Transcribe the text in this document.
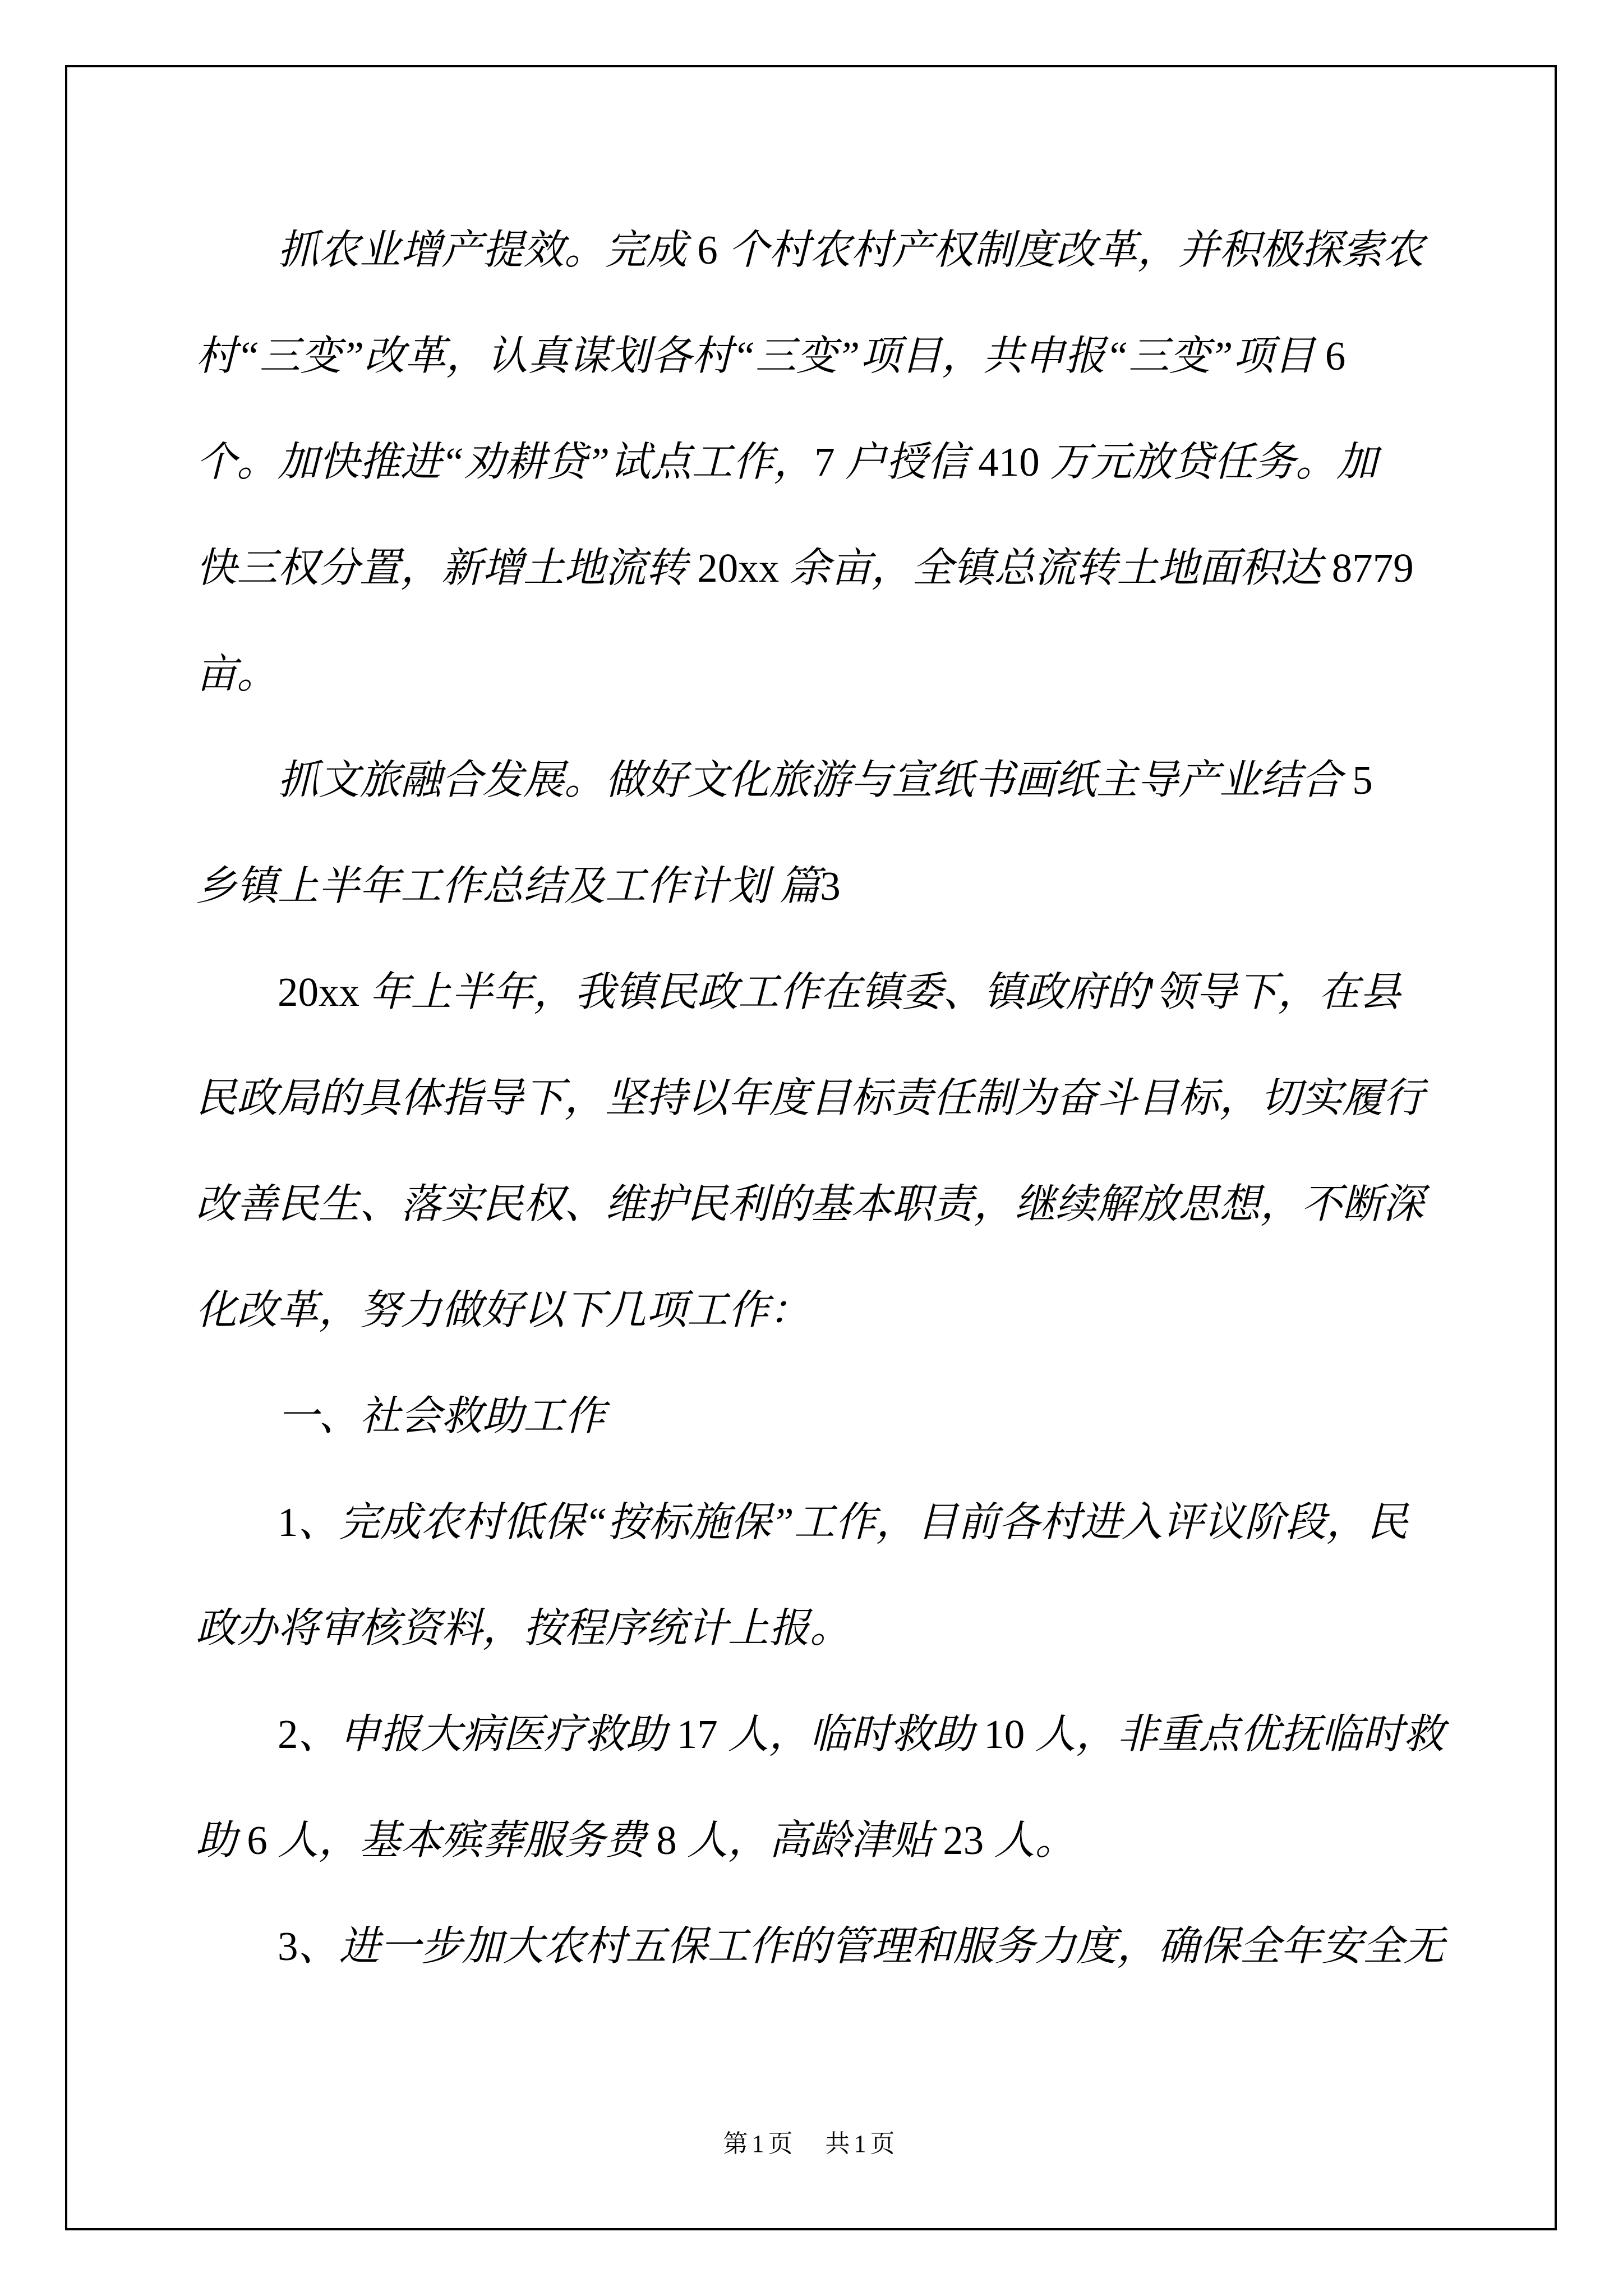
　　抓农业增产提效。完成 6 个村农村产权制度改革，并积极探索农
村“三变”改革，认真谋划各村“三变”项目，共申报“三变”项目 6
个。加快推进“劝耕贷”试点工作，7 户授信 410 万元放贷任务。加
快三权分置，新增土地流转 20xx 余亩，全镇总流转土地面积达 8779
亩。
　　抓文旅融合发展。做好文化旅游与宣纸书画纸主导产业结合 5
乡镇上半年工作总结及工作计划 篇3
　　20xx 年上半年，我镇民政工作在镇委、镇政府的'领导下，在县
民政局的具体指导下，坚持以年度目标责任制为奋斗目标，切实履行
改善民生、落实民权、维护民利的基本职责，继续解放思想，不断深
化改革，努力做好以下几项工作：
　　一、社会救助工作
　　1、完成农村低保“按标施保”工作，目前各村进入评议阶段，民
政办将审核资料，按程序统计上报。
　　2、申报大病医疗救助 17 人，临时救助 10 人，非重点优抚临时救
助 6 人，基本殡葬服务费 8 人，高龄津贴 23 人。
　　3、进一步加大农村五保工作的管理和服务力度，确保全年安全无
第1页　共1页
